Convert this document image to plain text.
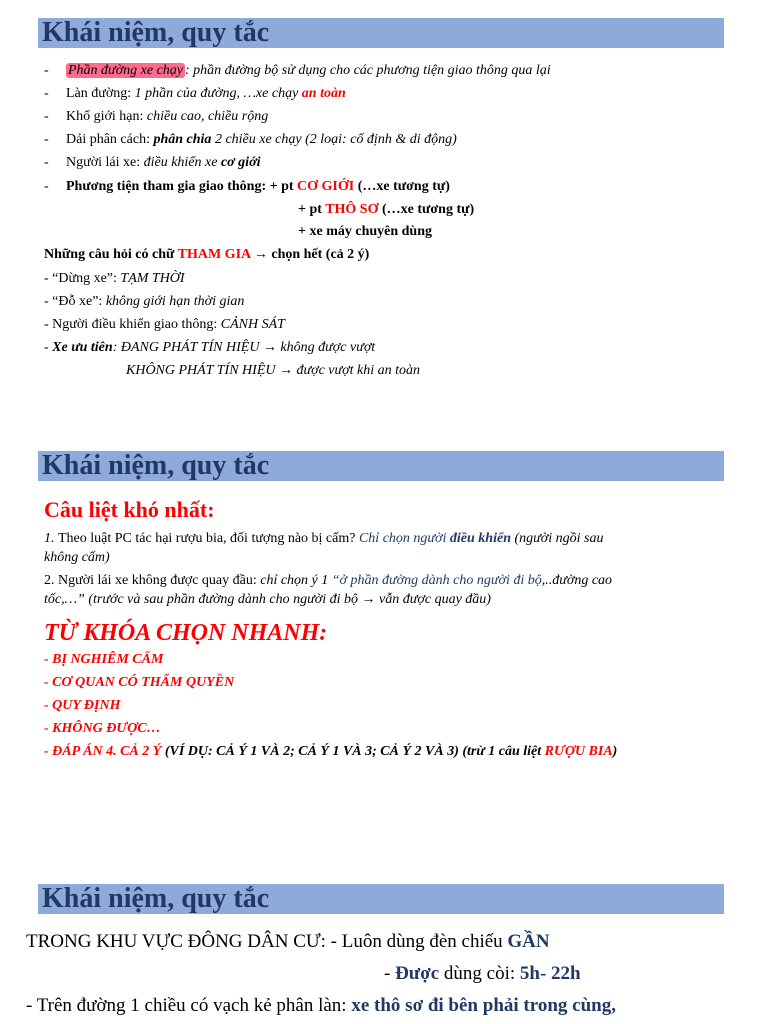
Khái niệm, quy tắc
- Phần đường xe chạy : phần đường bộ sử dụng cho các phương tiện giao thông qua lại
- Làn đường: 1 phần của đường, …xe chạy an toàn
- Khổ giới hạn: chiều cao, chiều rộng
- Dải phân cách: phân chia 2 chiều xe chạy (2 loại: cố định & di động)
- Người lái xe: điều khiển xe cơ giới
- Phương tiện tham gia giao thông: + pt CƠ GIỚI (…xe tương tự)
+ pt THÔ SƠ (…xe tương tự)
+ xe máy chuyên dùng
Những câu hỏi có chữ THAM GIA → chọn hết (cả 2 ý)
- “Dừng xe”: TẠM THỜI
- “Đỗ xe”: không giới hạn thời gian
- Người điều khiển giao thông: CẢNH SÁT
- Xe ưu tiên: ĐANG PHÁT TÍN HIỆU → không được vượt
KHÔNG PHÁT TÍN HIỆU → được vượt khi an toàn
Khái niệm, quy tắc
Câu liệt khó nhất:
1. Theo luật PC tác hại rượu bia, đối tượng nào bị cấm? Chỉ chọn người điều khiển (người ngồi sau
không cấm)
2. Người lái xe không được quay đầu: chỉ chọn ý 1 “ở phần đường dành cho người đi bộ,..đường cao
tốc,…” (trước và sau phần đường dành cho người đi bộ → vẫn được quay đầu)
TỪ KHÓA CHỌN NHANH:
- BỊ NGHIÊM CẤM
- CƠ QUAN CÓ THẨM QUYỀN
- QUY ĐỊNH
- KHÔNG ĐƯỢC…
- ĐÁP ÁN 4. CẢ 2 Ý (VÍ DỤ: CẢ Ý 1 VÀ 2; CẢ Ý 1 VÀ 3; CẢ Ý 2 VÀ 3) (trừ 1 câu liệt RƯỢU BIA)
Khái niệm, quy tắc
TRONG KHU VỰC ĐÔNG DÂN CƯ: - Luôn dùng đèn chiếu GẦN
- Được dùng còi: 5h- 22h
- Trên đường 1 chiều có vạch kẻ phân làn: xe thô sơ đi bên phải trong cùng,
